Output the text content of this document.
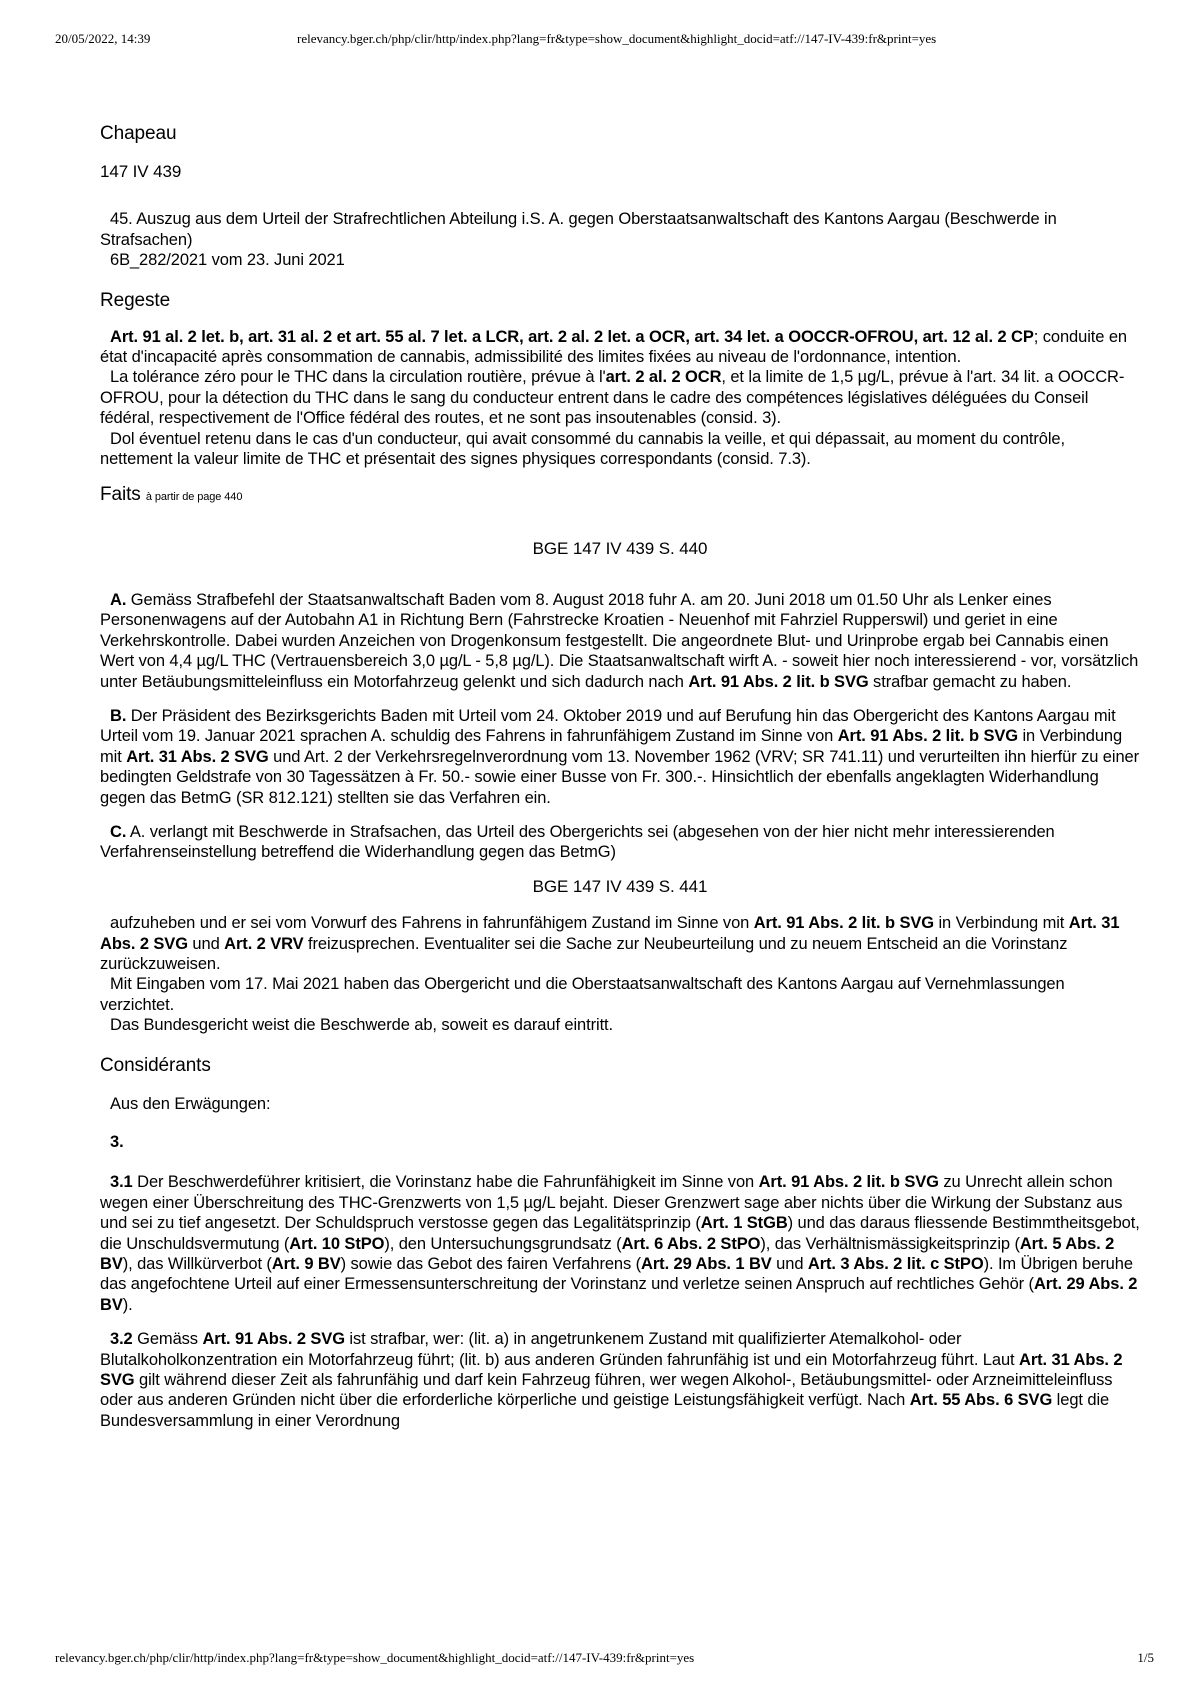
20/05/2022, 14:39	relevancy.bger.ch/php/clir/http/index.php?lang=fr&type=show_document&highlight_docid=atf://147-IV-439:fr&print=yes
Chapeau
147 IV 439
45. Auszug aus dem Urteil der Strafrechtlichen Abteilung i.S. A. gegen Oberstaatsanwaltschaft des Kantons Aargau (Beschwerde in Strafsachen)
6B_282/2021 vom 23. Juni 2021
Regeste
Art. 91 al. 2 let. b, art. 31 al. 2 et art. 55 al. 7 let. a LCR, art. 2 al. 2 let. a OCR, art. 34 let. a OOCCR-OFROU, art. 12 al. 2 CP; conduite en état d'incapacité après consommation de cannabis, admissibilité des limites fixées au niveau de l'ordonnance, intention.
La tolérance zéro pour le THC dans la circulation routière, prévue à l'art. 2 al. 2 OCR, et la limite de 1,5 µg/L, prévue à l'art. 34 lit. a OOCCR-OFROU, pour la détection du THC dans le sang du conducteur entrent dans le cadre des compétences législatives déléguées du Conseil fédéral, respectivement de l'Office fédéral des routes, et ne sont pas insoutenables (consid. 3).
Dol éventuel retenu dans le cas d'un conducteur, qui avait consommé du cannabis la veille, et qui dépassait, au moment du contrôle, nettement la valeur limite de THC et présentait des signes physiques correspondants (consid. 7.3).
Faits à partir de page 440
BGE 147 IV 439 S. 440
A. Gemäss Strafbefehl der Staatsanwaltschaft Baden vom 8. August 2018 fuhr A. am 20. Juni 2018 um 01.50 Uhr als Lenker eines Personenwagens auf der Autobahn A1 in Richtung Bern (Fahrstrecke Kroatien - Neuenhof mit Fahrziel Rupperswil) und geriet in eine Verkehrskontrolle. Dabei wurden Anzeichen von Drogenkonsum festgestellt. Die angeordnete Blut- und Urinprobe ergab bei Cannabis einen Wert von 4,4 µg/L THC (Vertrauensbereich 3,0 µg/L - 5,8 µg/L). Die Staatsanwaltschaft wirft A. - soweit hier noch interessierend - vor, vorsätzlich unter Betäubungsmitteleinfluss ein Motorfahrzeug gelenkt und sich dadurch nach Art. 91 Abs. 2 lit. b SVG strafbar gemacht zu haben.
B. Der Präsident des Bezirksgerichts Baden mit Urteil vom 24. Oktober 2019 und auf Berufung hin das Obergericht des Kantons Aargau mit Urteil vom 19. Januar 2021 sprachen A. schuldig des Fahrens in fahrunfähigem Zustand im Sinne von Art. 91 Abs. 2 lit. b SVG in Verbindung mit Art. 31 Abs. 2 SVG und Art. 2 der Verkehrsregelnverordnung vom 13. November 1962 (VRV; SR 741.11) und verurteilten ihn hierfür zu einer bedingten Geldstrafe von 30 Tagessätzen à Fr. 50.- sowie einer Busse von Fr. 300.-. Hinsichtlich der ebenfalls angeklagten Widerhandlung gegen das BetmG (SR 812.121) stellten sie das Verfahren ein.
C. A. verlangt mit Beschwerde in Strafsachen, das Urteil des Obergerichts sei (abgesehen von der hier nicht mehr interessierenden Verfahrenseinstellung betreffend die Widerhandlung gegen das BetmG)
BGE 147 IV 439 S. 441
aufzuheben und er sei vom Vorwurf des Fahrens in fahrunfähigem Zustand im Sinne von Art. 91 Abs. 2 lit. b SVG in Verbindung mit Art. 31 Abs. 2 SVG und Art. 2 VRV freizusprechen. Eventualiter sei die Sache zur Neubeurteilung und zu neuem Entscheid an die Vorinstanz zurückzuweisen.
Mit Eingaben vom 17. Mai 2021 haben das Obergericht und die Oberstaatsanwaltschaft des Kantons Aargau auf Vernehmlassungen verzichtet.
Das Bundesgericht weist die Beschwerde ab, soweit es darauf eintritt.
Considérants
Aus den Erwägungen:
3.
3.1 Der Beschwerdeführer kritisiert, die Vorinstanz habe die Fahrunfähigkeit im Sinne von Art. 91 Abs. 2 lit. b SVG zu Unrecht allein schon wegen einer Überschreitung des THC-Grenzwerts von 1,5 µg/L bejaht. Dieser Grenzwert sage aber nichts über die Wirkung der Substanz aus und sei zu tief angesetzt. Der Schuldspruch verstosse gegen das Legalitätsprinzip (Art. 1 StGB) und das daraus fliessende Bestimmtheitsgebot, die Unschuldsvermutung (Art. 10 StPO), den Untersuchungsgrundsatz (Art. 6 Abs. 2 StPO), das Verhältnismässigkeitsprinzip (Art. 5 Abs. 2 BV), das Willkürverbot (Art. 9 BV) sowie das Gebot des fairen Verfahrens (Art. 29 Abs. 1 BV und Art. 3 Abs. 2 lit. c StPO). Im Übrigen beruhe das angefochtene Urteil auf einer Ermessensunterschreitung der Vorinstanz und verletze seinen Anspruch auf rechtliches Gehör (Art. 29 Abs. 2 BV).
3.2 Gemäss Art. 91 Abs. 2 SVG ist strafbar, wer: (lit. a) in angetrunkenem Zustand mit qualifizierter Atemalkohol- oder Blutalkoholkonzentration ein Motorfahrzeug führt; (lit. b) aus anderen Gründen fahrunfähig ist und ein Motorfahrzeug führt. Laut Art. 31 Abs. 2 SVG gilt während dieser Zeit als fahrunfähig und darf kein Fahrzeug führen, wer wegen Alkohol-, Betäubungsmittel- oder Arzneimitteleinfluss oder aus anderen Gründen nicht über die erforderliche körperliche und geistige Leistungsfähigkeit verfügt. Nach Art. 55 Abs. 6 SVG legt die Bundesversammlung in einer Verordnung
relevancy.bger.ch/php/clir/http/index.php?lang=fr&type=show_document&highlight_docid=atf://147-IV-439:fr&print=yes	1/5
